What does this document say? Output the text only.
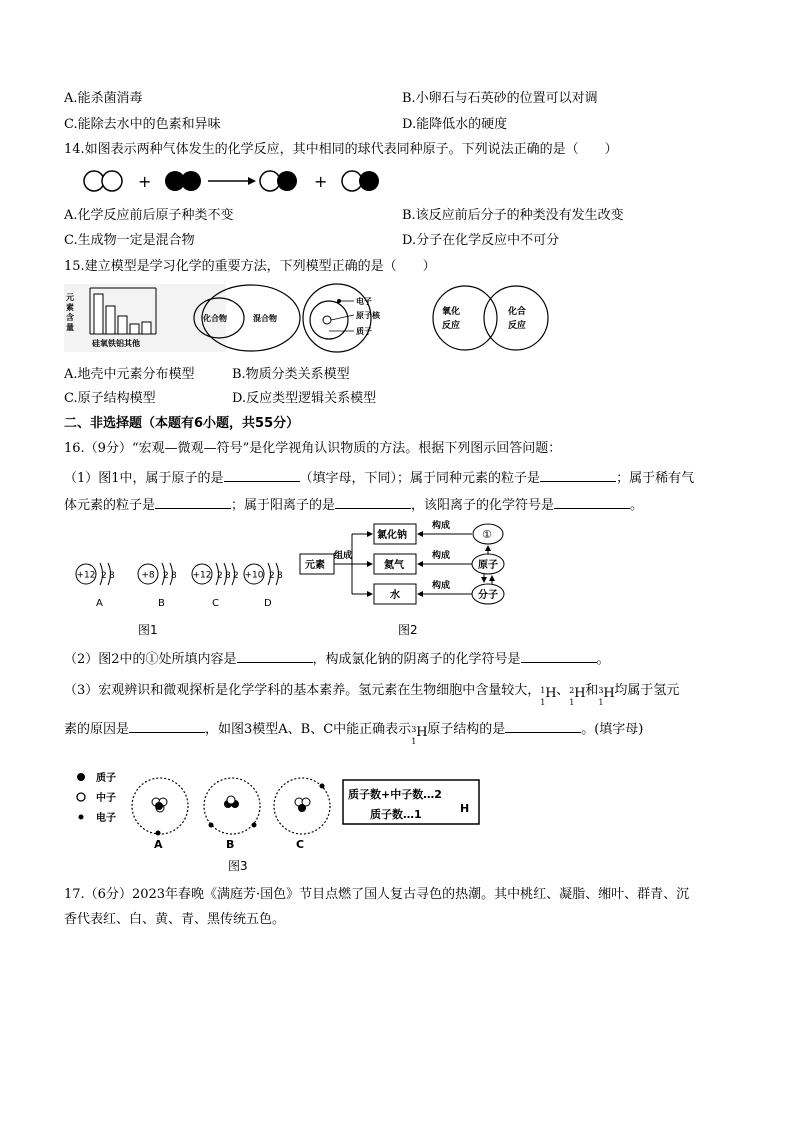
A.能杀菌消毒	B.小卵石与石英砂的位置可以对调
C.能除去水中的色素和异味	D.能降低水的硬度
14.如图表示两种气体发生的化学反应，其中相同的球代表同种原子。下列说法正确的是（　　）
+	+
A.化学反应前后原子种类不变	B.该反应前后分子的种类没有发生改变
C.生成物一定是混合物	D.分子在化学反应中不可分
15.建立模型是学习化学的重要方法，下列模型正确的是（　　）
元
素
含
量
硅氧铁铝其他
化合物	混合物
电子
原子核
质子
氧化
反应
化合
反应
A.地壳中元素分布模型	B.物质分类关系模型
C.原子结构模型	D.反应类型逻辑关系模型
二、非选择题（本题有6小题，共55分）
16.（9分）“宏观—微观—符号”是化学视角认识物质的方法。根据下列图示回答问题：
（1）图1中，属于原子的是	（填字母，下同）；属于同种元素的粒子是	；属于稀有气
体元素的粒子是	；属于阳离子的是	，该阳离子的化学符号是	。
+12 2 8
A
+8 2 8
B
+12 2 8 2
C
+10 2 8
D
图1
元素
组成
氯化钠
氦气
水
构成
构成
构成
①
原子
分子
图2
（2）图2中的①处所填内容是	，构成氯化钠的阴离子的化学符号是	。
（3）宏观辨识和微观探析是化学学科的基本素养。氢元素在生物细胞中含量较大， 1
1
H 、 2
1
H 和 3
1
H 均属于氢元
素的原因是	，如图3模型A、B、C中能正确表示 3
1
H 原子结构的是	。(填字母)
质子
中子
电子
A	B	C
质子数+中子数…2
质子数…1	H
图3
17.（6分）2023年春晚《满庭芳·国色》节目点燃了国人复古寻色的热潮。其中桃红、凝脂、缃叶、群青、沉
香代表红、白、黄、青、黑传统五色。
